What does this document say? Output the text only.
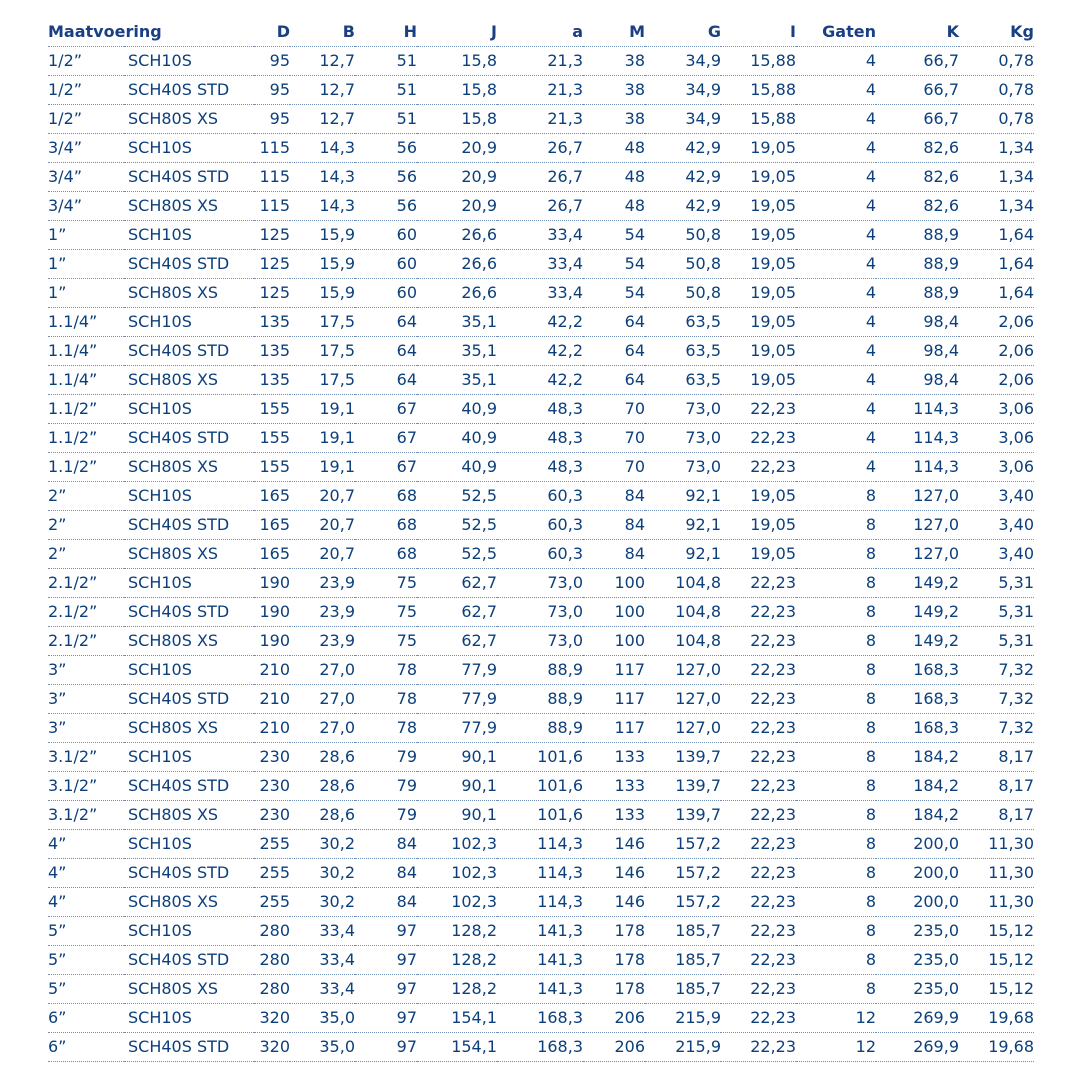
Maatvoering		D	B	H	J	a	M	G	I	Gaten	K	Kg
1/2”	SCH10S	95	12,7	51	15,8	21,3	38	34,9	15,88	4	66,7	0,78
1/2”	SCH40S STD	95	12,7	51	15,8	21,3	38	34,9	15,88	4	66,7	0,78
1/2”	SCH80S XS	95	12,7	51	15,8	21,3	38	34,9	15,88	4	66,7	0,78
3/4”	SCH10S	115	14,3	56	20,9	26,7	48	42,9	19,05	4	82,6	1,34
3/4”	SCH40S STD	115	14,3	56	20,9	26,7	48	42,9	19,05	4	82,6	1,34
3/4”	SCH80S XS	115	14,3	56	20,9	26,7	48	42,9	19,05	4	82,6	1,34
1”	SCH10S	125	15,9	60	26,6	33,4	54	50,8	19,05	4	88,9	1,64
1”	SCH40S STD	125	15,9	60	26,6	33,4	54	50,8	19,05	4	88,9	1,64
1”	SCH80S XS	125	15,9	60	26,6	33,4	54	50,8	19,05	4	88,9	1,64
1.1/4”	SCH10S	135	17,5	64	35,1	42,2	64	63,5	19,05	4	98,4	2,06
1.1/4”	SCH40S STD	135	17,5	64	35,1	42,2	64	63,5	19,05	4	98,4	2,06
1.1/4”	SCH80S XS	135	17,5	64	35,1	42,2	64	63,5	19,05	4	98,4	2,06
1.1/2”	SCH10S	155	19,1	67	40,9	48,3	70	73,0	22,23	4	114,3	3,06
1.1/2”	SCH40S STD	155	19,1	67	40,9	48,3	70	73,0	22,23	4	114,3	3,06
1.1/2”	SCH80S XS	155	19,1	67	40,9	48,3	70	73,0	22,23	4	114,3	3,06
2”	SCH10S	165	20,7	68	52,5	60,3	84	92,1	19,05	8	127,0	3,40
2”	SCH40S STD	165	20,7	68	52,5	60,3	84	92,1	19,05	8	127,0	3,40
2”	SCH80S XS	165	20,7	68	52,5	60,3	84	92,1	19,05	8	127,0	3,40
2.1/2”	SCH10S	190	23,9	75	62,7	73,0	100	104,8	22,23	8	149,2	5,31
2.1/2”	SCH40S STD	190	23,9	75	62,7	73,0	100	104,8	22,23	8	149,2	5,31
2.1/2”	SCH80S XS	190	23,9	75	62,7	73,0	100	104,8	22,23	8	149,2	5,31
3”	SCH10S	210	27,0	78	77,9	88,9	117	127,0	22,23	8	168,3	7,32
3”	SCH40S STD	210	27,0	78	77,9	88,9	117	127,0	22,23	8	168,3	7,32
3”	SCH80S XS	210	27,0	78	77,9	88,9	117	127,0	22,23	8	168,3	7,32
3.1/2”	SCH10S	230	28,6	79	90,1	101,6	133	139,7	22,23	8	184,2	8,17
3.1/2”	SCH40S STD	230	28,6	79	90,1	101,6	133	139,7	22,23	8	184,2	8,17
3.1/2”	SCH80S XS	230	28,6	79	90,1	101,6	133	139,7	22,23	8	184,2	8,17
4”	SCH10S	255	30,2	84	102,3	114,3	146	157,2	22,23	8	200,0	11,30
4”	SCH40S STD	255	30,2	84	102,3	114,3	146	157,2	22,23	8	200,0	11,30
4”	SCH80S XS	255	30,2	84	102,3	114,3	146	157,2	22,23	8	200,0	11,30
5”	SCH10S	280	33,4	97	128,2	141,3	178	185,7	22,23	8	235,0	15,12
5”	SCH40S STD	280	33,4	97	128,2	141,3	178	185,7	22,23	8	235,0	15,12
5”	SCH80S XS	280	33,4	97	128,2	141,3	178	185,7	22,23	8	235,0	15,12
6”	SCH10S	320	35,0	97	154,1	168,3	206	215,9	22,23	12	269,9	19,68
6”	SCH40S STD	320	35,0	97	154,1	168,3	206	215,9	22,23	12	269,9	19,68
